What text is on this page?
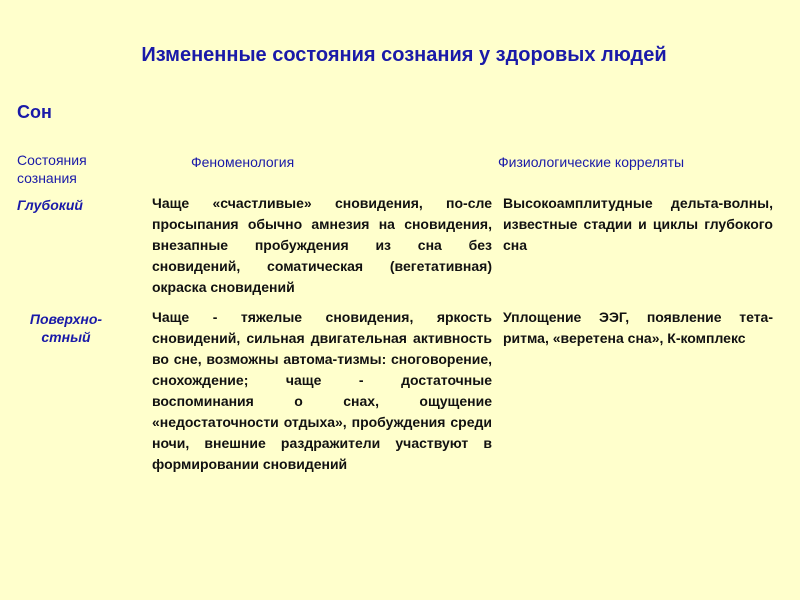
Измененные состояния сознания у здоровых людей
Сон
Состояния сознания
Феноменология	Физиологические корреляты
Глубокий	Чаще «счастливые» сновидения, по-сле просыпания обычно амнезия на сновидения, внезапные пробуждения из сна без сновидений, соматическая (вегетативная) окраска сновидений
Высокоамплитудные дельта-волны, известные стадии и циклы глубокого сна
Поверхно-стный
Чаще - тяжелые сновидения, яркость сновидений, сильная двигательная активность во сне, возможны автома-тизмы: сноговорение, снохождение; чаще - достаточные воспоминания о снах, ощущение «недостаточности отдыха», пробуждения среди ночи, внешние раздражители участвуют в формировании сновидений
Уплощение ЭЭГ, появление тета-ритма, «веретена сна», К-комплекс
